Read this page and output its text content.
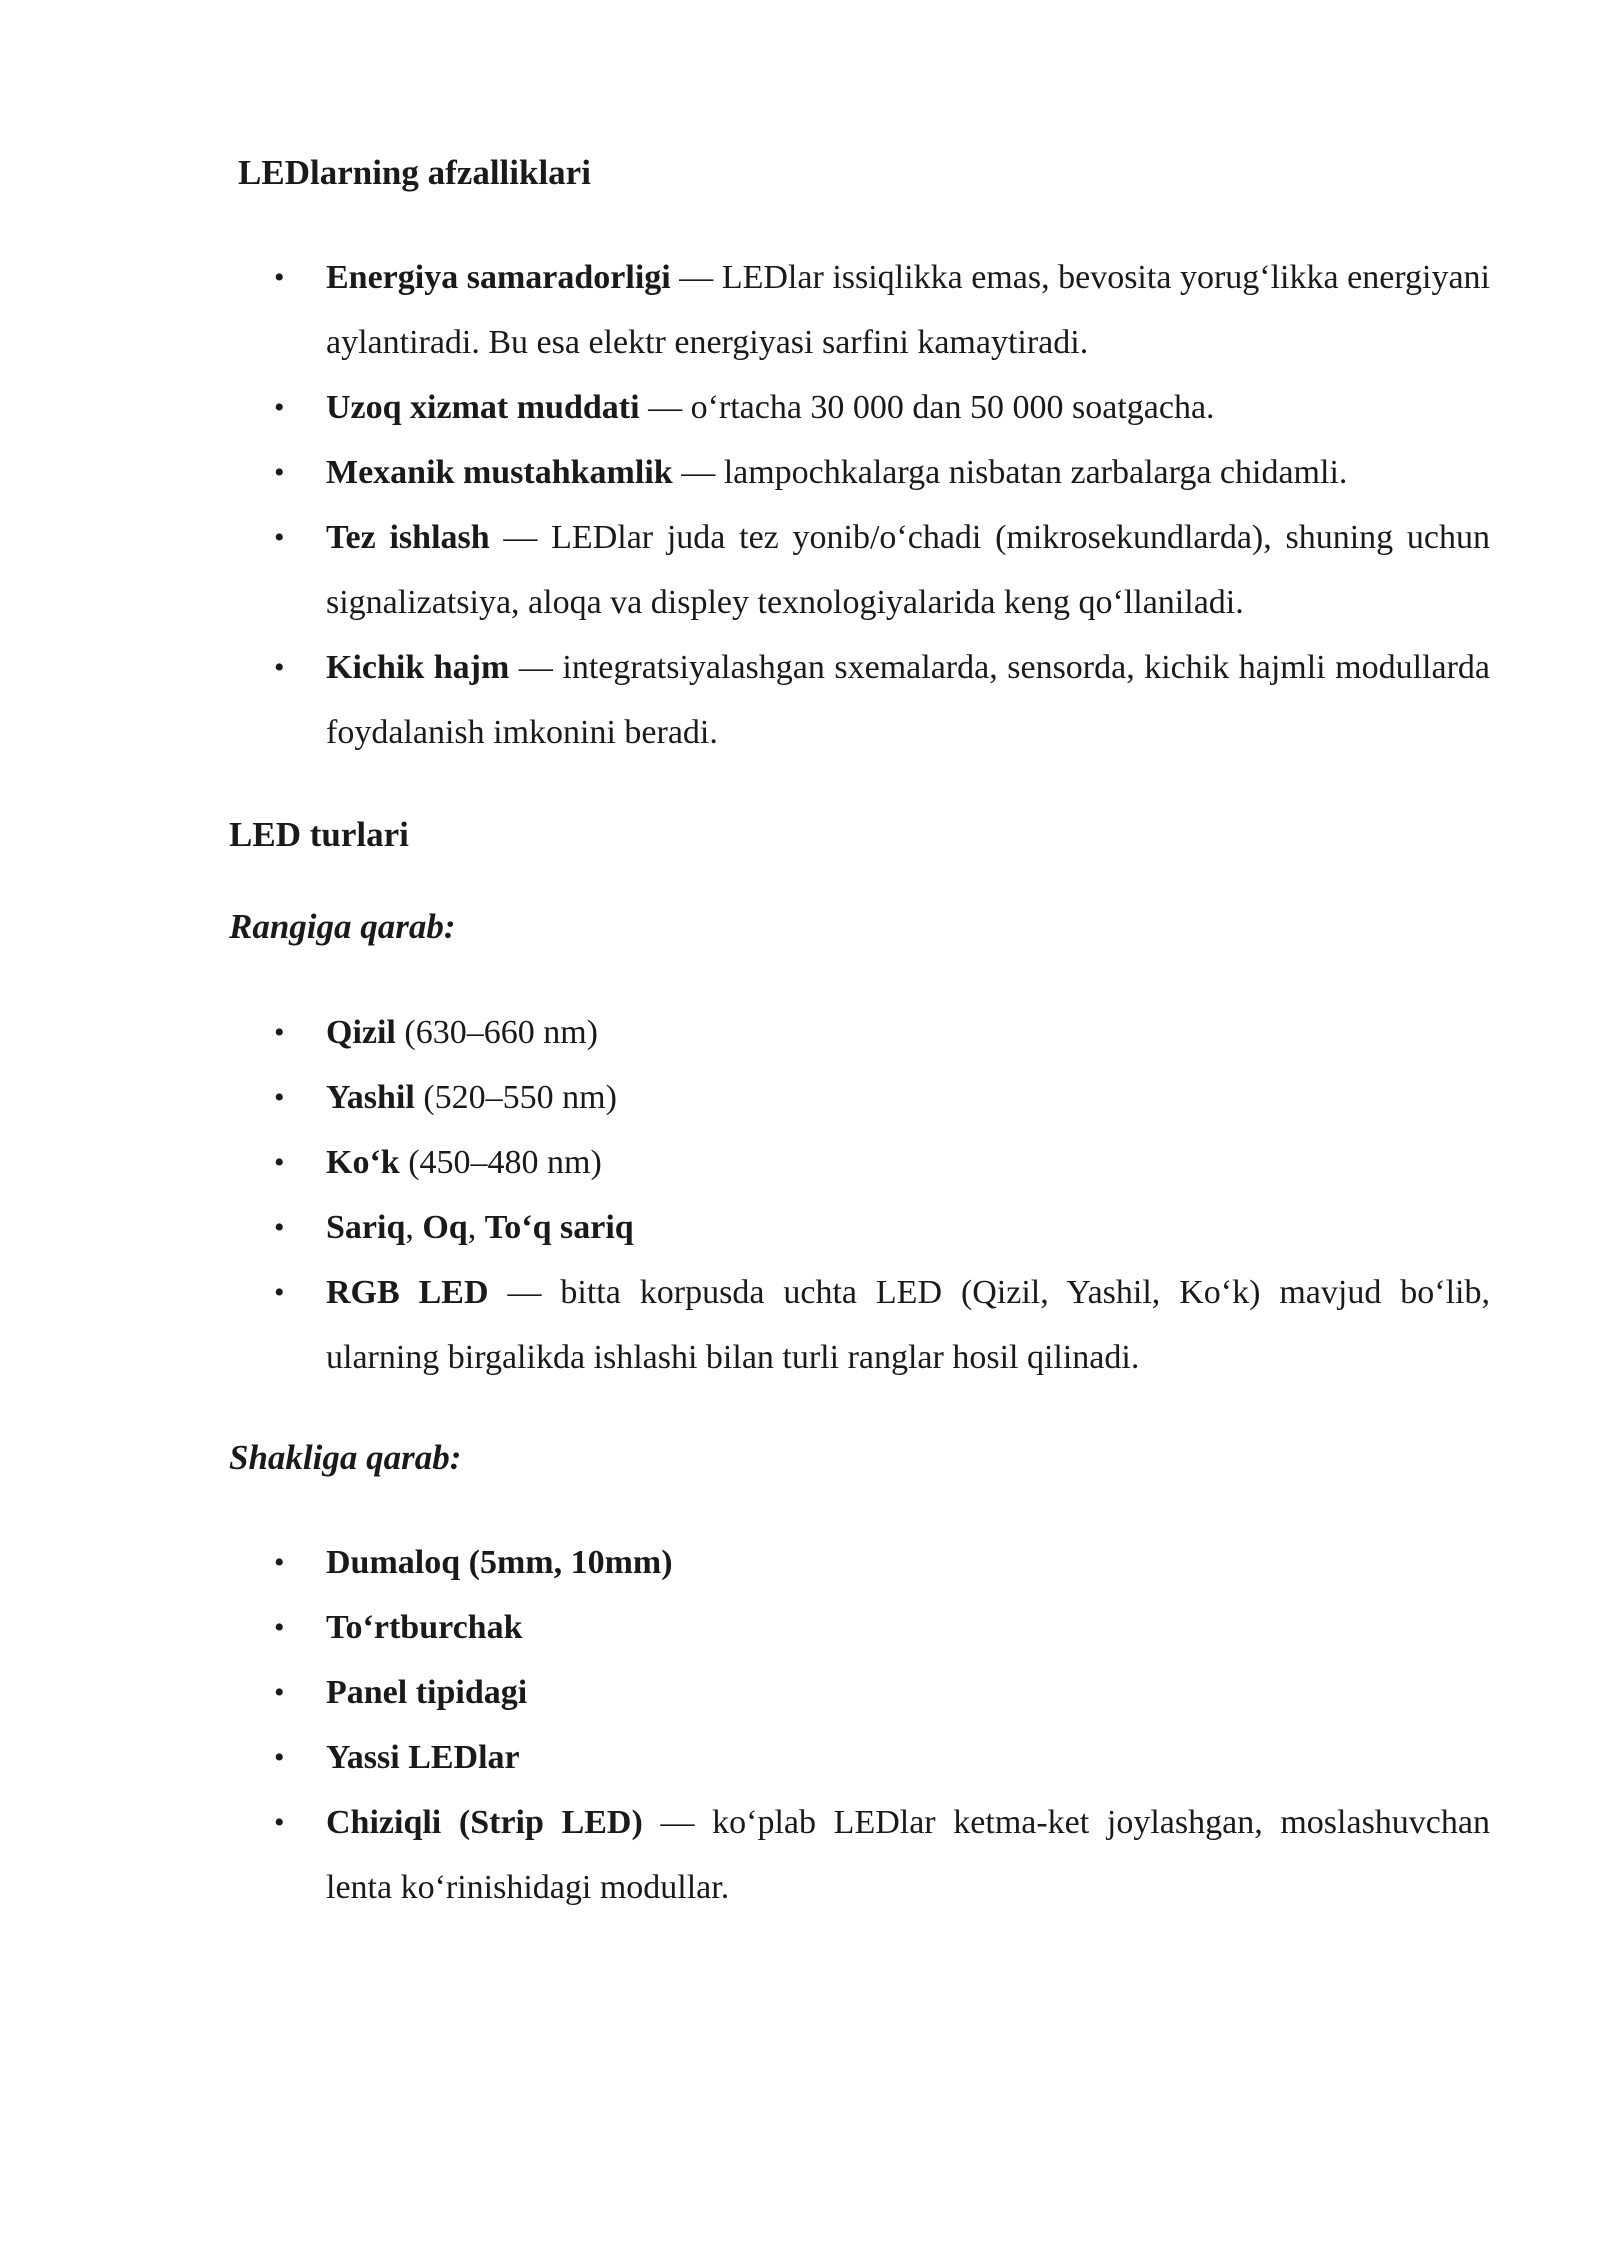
LEDlarning afzalliklari
• Energiya samaradorligi — LEDlar issiqlikka emas, bevosita yorug‘likka energiyani aylantiradi. Bu esa elektr energiyasi sarfini kamaytiradi.
• Uzoq xizmat muddati — o‘rtacha 30 000 dan 50 000 soatgacha.
• Mexanik mustahkamlik — lampochkalarga nisbatan zarbalarga chidamli.
• Tez ishlash — LEDlar juda tez yonib/o‘chadi (mikrosekundlarda), shuning uchun signalizatsiya, aloqa va displey texnologiyalarida keng qo‘llaniladi.
• Kichik hajm — integratsiyalashgan sxemalarda, sensorda, kichik hajmli modullarda foydalanish imkonini beradi.
LED turlari
Rangiga qarab:
• Qizil (630–660 nm)
• Yashil (520–550 nm)
• Ko‘k (450–480 nm)
• Sariq, Oq, To‘q sariq
• RGB LED — bitta korpusda uchta LED (Qizil, Yashil, Ko‘k) mavjud bo‘lib, ularning birgalikda ishlashi bilan turli ranglar hosil qilinadi.
Shakliga qarab:
• Dumaloq (5mm, 10mm)
• To‘rtburchak
• Panel tipidagi
• Yassi LEDlar
• Chiziqli (Strip LED) — ko‘plab LEDlar ketma-ket joylashgan, moslashuvchan lenta ko‘rinishidagi modullar.
